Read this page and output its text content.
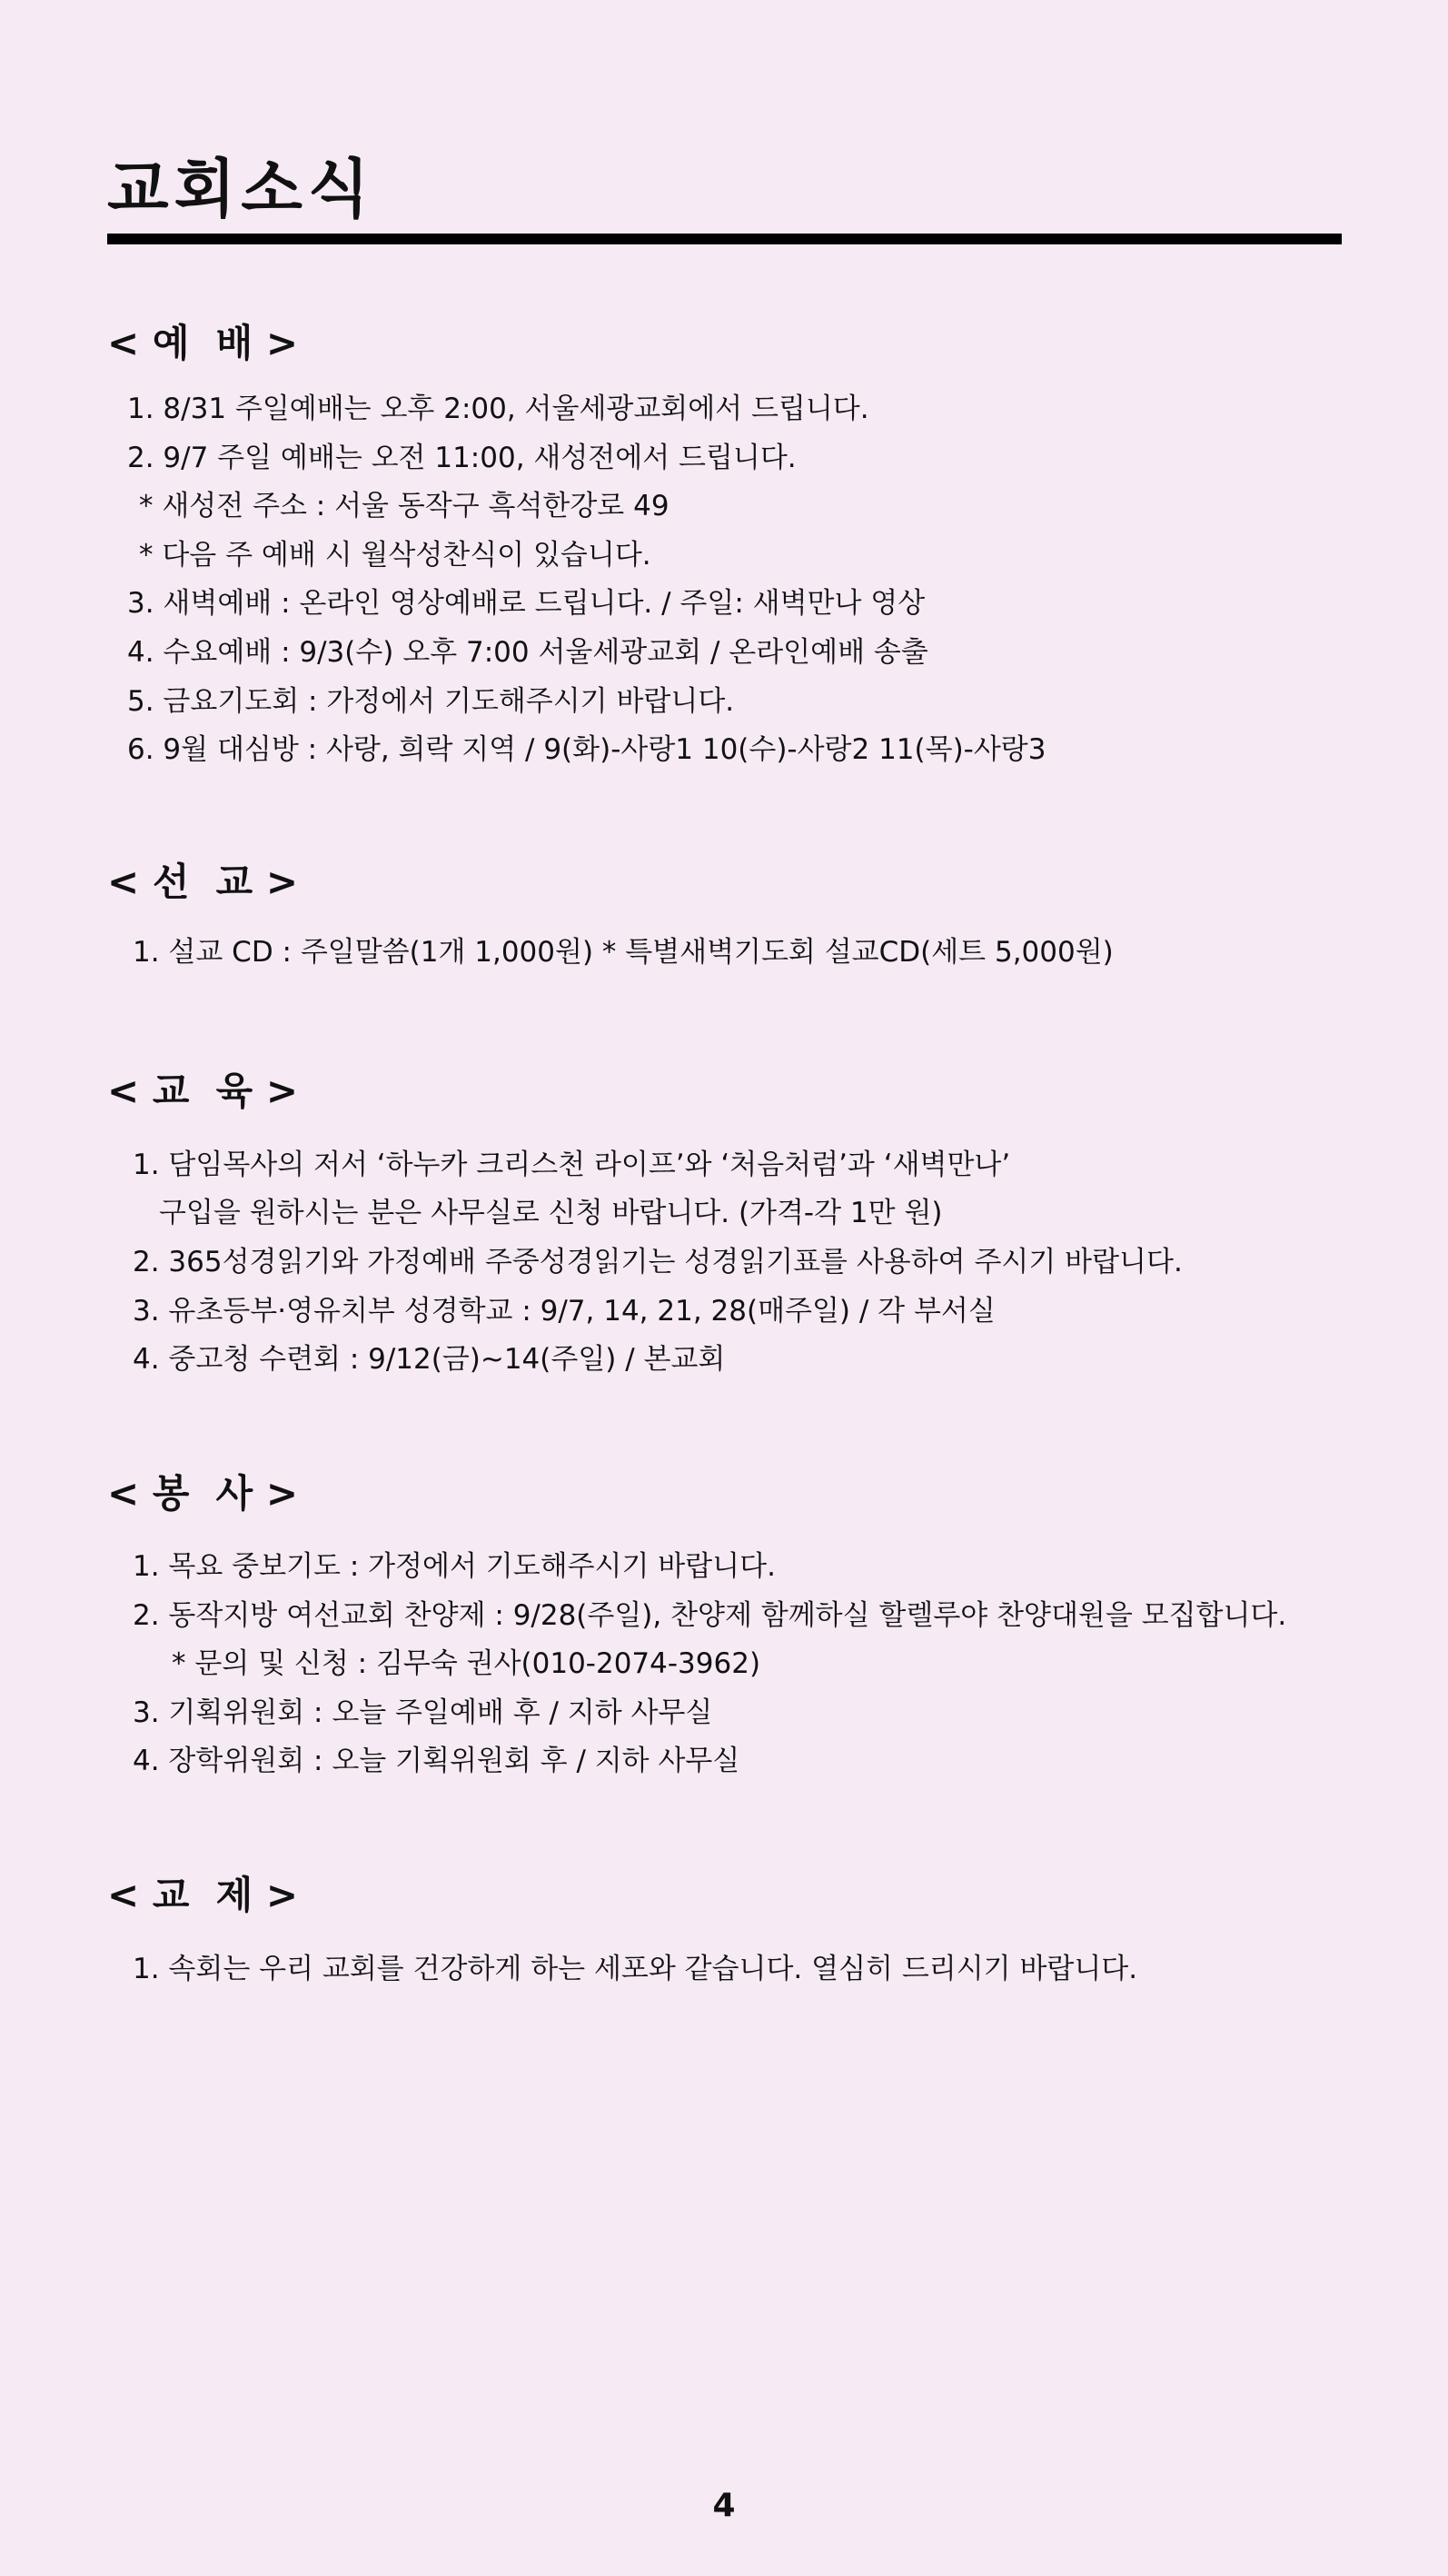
교회소식
< 예  배 >

1. 8/31 주일예배는 오후 2:00, 서울세광교회에서 드립니다.

2. 9/7 주일 예배는 오전 11:00, 새성전에서 드립니다.

* 새성전 주소 : 서울 동작구 흑석한강로 49

* 다음 주 예배 시 월삭성찬식이 있습니다.

3. 새벽예배 : 온라인 영상예배로 드립니다. / 주일: 새벽만나 영상

4. 수요예배 : 9/3(수) 오후 7:00 서울세광교회 / 온라인예배 송출

5. 금요기도회 : 가정에서 기도해주시기 바랍니다.

6. 9월 대심방 : 사랑, 희락 지역 / 9(화)-사랑1 10(수)-사랑2 11(목)-사랑3

< 선  교 >

1. 설교 CD : 주일말씀(1개 1,000원) * 특별새벽기도회 설교CD(세트 5,000원)

< 교  육 >

1. 담임목사의 저서 ‘하누카 크리스천 라이프’와 ‘처음처럼’과 ‘새벽만나’

구입을 원하시는 분은 사무실로 신청 바랍니다. (가격-각 1만 원)

2. 365성경읽기와 가정예배 주중성경읽기는 성경읽기표를 사용하여 주시기 바랍니다.

3. 유초등부·영유치부 성경학교 : 9/7, 14, 21, 28(매주일) / 각 부서실

4. 중고청 수련회 : 9/12(금)~14(주일) / 본교회

< 봉  사 >

1. 목요 중보기도 : 가정에서 기도해주시기 바랍니다.

2. 동작지방 여선교회 찬양제 : 9/28(주일), 찬양제 함께하실 할렐루야 찬양대원을 모집합니다.

* 문의 및 신청 : 김무숙 권사(010-2074-3962)

3. 기획위원회 : 오늘 주일예배 후 / 지하 사무실

4. 장학위원회 : 오늘 기획위원회 후 / 지하 사무실

< 교  제 >

1. 속회는 우리 교회를 건강하게 하는 세포와 같습니다. 열심히 드리시기 바랍니다.

4
